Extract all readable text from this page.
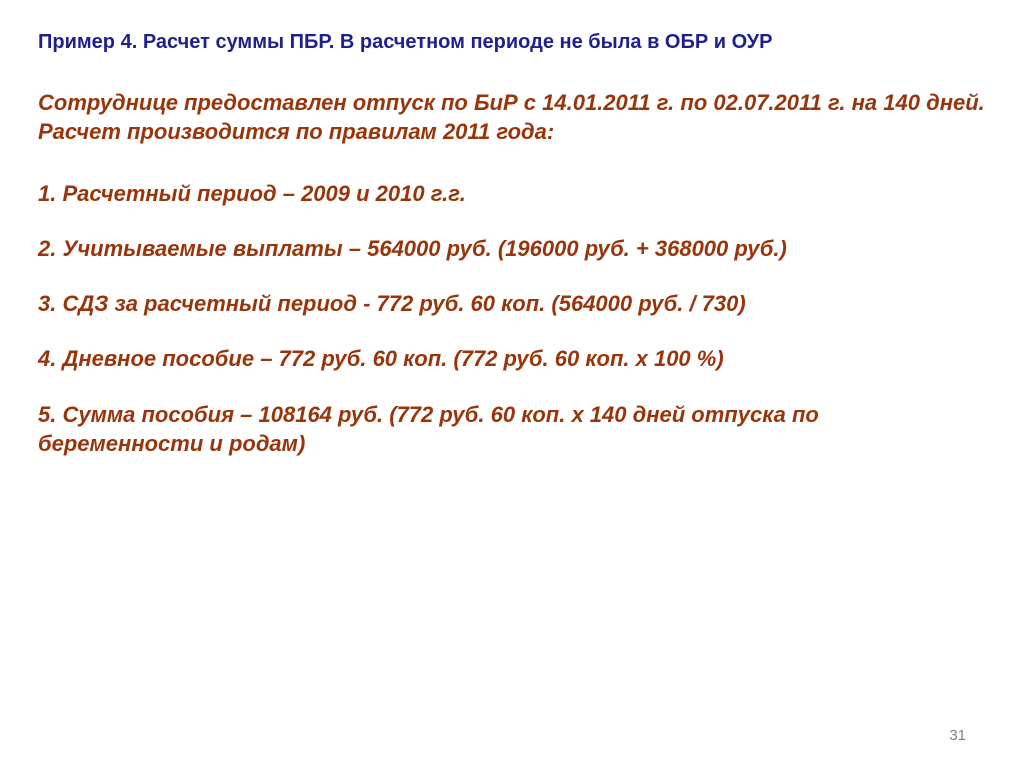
Пример 4. Расчет суммы ПБР. В расчетном периоде не была в ОБР и ОУР

Сотруднице предоставлен отпуск по БиР с 14.01.2011 г. по 02.07.2011 г. на 140 дней. Расчет производится по правилам 2011 года:

1. Расчетный период – 2009 и 2010 г.г.

2. Учитываемые выплаты – 564000 руб. (196000 руб. + 368000 руб.)

3. СДЗ за расчетный период - 772 руб. 60 коп. (564000 руб. / 730)

4. Дневное пособие – 772 руб. 60 коп. (772 руб. 60 коп. х 100 %)

5. Сумма пособия – 108164 руб. (772 руб. 60 коп. х 140 дней отпуска по беременности и родам)

31
